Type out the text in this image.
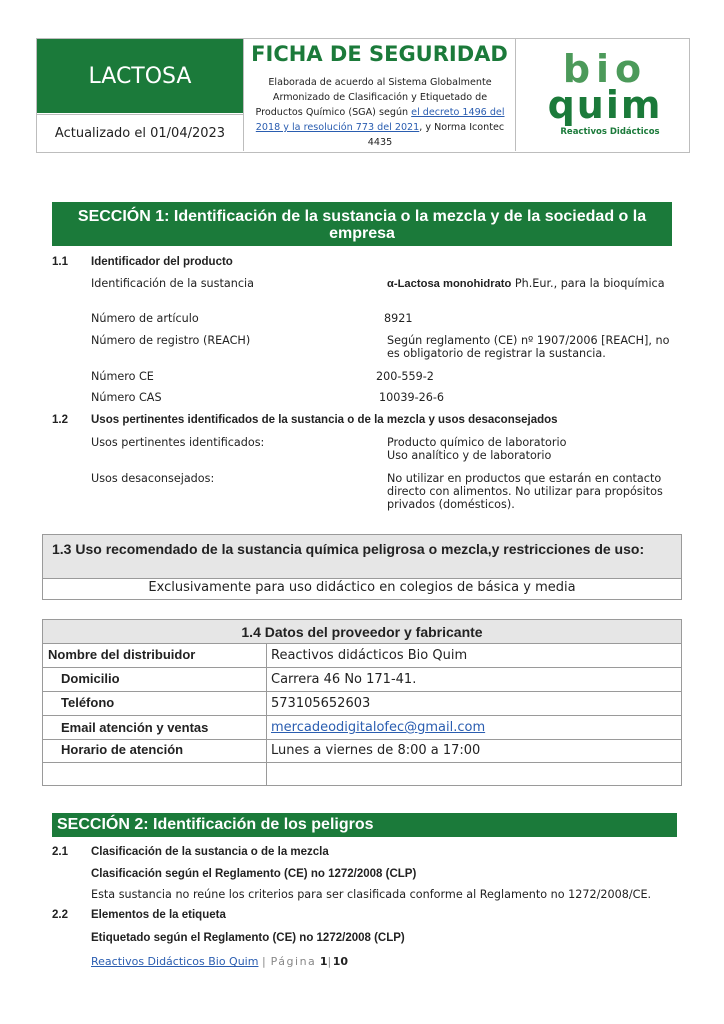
LACTOSA
Actualizado el 01/04/2023
FICHA DE SEGURIDAD
Elaborada de acuerdo al Sistema Globalmente Armonizado de Clasificación y Etiquetado de Productos Químico (SGA) según el decreto 1496 del 2018 y la resolución 773 del 2021, y Norma Icontec 4435
bio
quim
Reactivos Didácticos
SECCIÓN 1: Identificación de la sustancia o la mezcla y de la sociedad o la empresa
1.1 Identificador del producto
Identificación de la sustancia	α-Lactosa monohidrato Ph.Eur., para la bioquímica
Número de artículo	8921
Número de registro (REACH)	Según reglamento (CE) nº 1907/2006 [REACH], no es obligatorio de registrar la sustancia.
Número CE	200-559-2
Número CAS	10039-26-6
1.2 Usos pertinentes identificados de la sustancia o de la mezcla y usos desaconsejados
Usos pertinentes identificados:	Producto químico de laboratorio
Uso analítico y de laboratorio
Usos desaconsejados:	No utilizar en productos que estarán en contacto directo con alimentos. No utilizar para propósitos privados (domésticos).
1.3 Uso recomendado de la sustancia química peligrosa o mezcla,y restricciones de uso:
Exclusivamente para uso didáctico en colegios de básica y media
1.4 Datos del proveedor y fabricante
Nombre del distribuidor	Reactivos didácticos Bio Quim
Domicilio	Carrera 46 No 171-41.
Teléfono	573105652603
Email atención y ventas	mercadeodigitalofec@gmail.com
Horario de atención	Lunes a viernes de 8:00 a 17:00
SECCIÓN 2: Identificación de los peligros
2.1 Clasificación de la sustancia o de la mezcla
Clasificación según el Reglamento (CE) no 1272/2008 (CLP)
Esta sustancia no reúne los criterios para ser clasificada conforme al Reglamento no 1272/2008/CE.
2.2 Elementos de la etiqueta
Etiquetado según el Reglamento (CE) no 1272/2008 (CLP)
Reactivos Didácticos Bio Quim | Página 1|10
